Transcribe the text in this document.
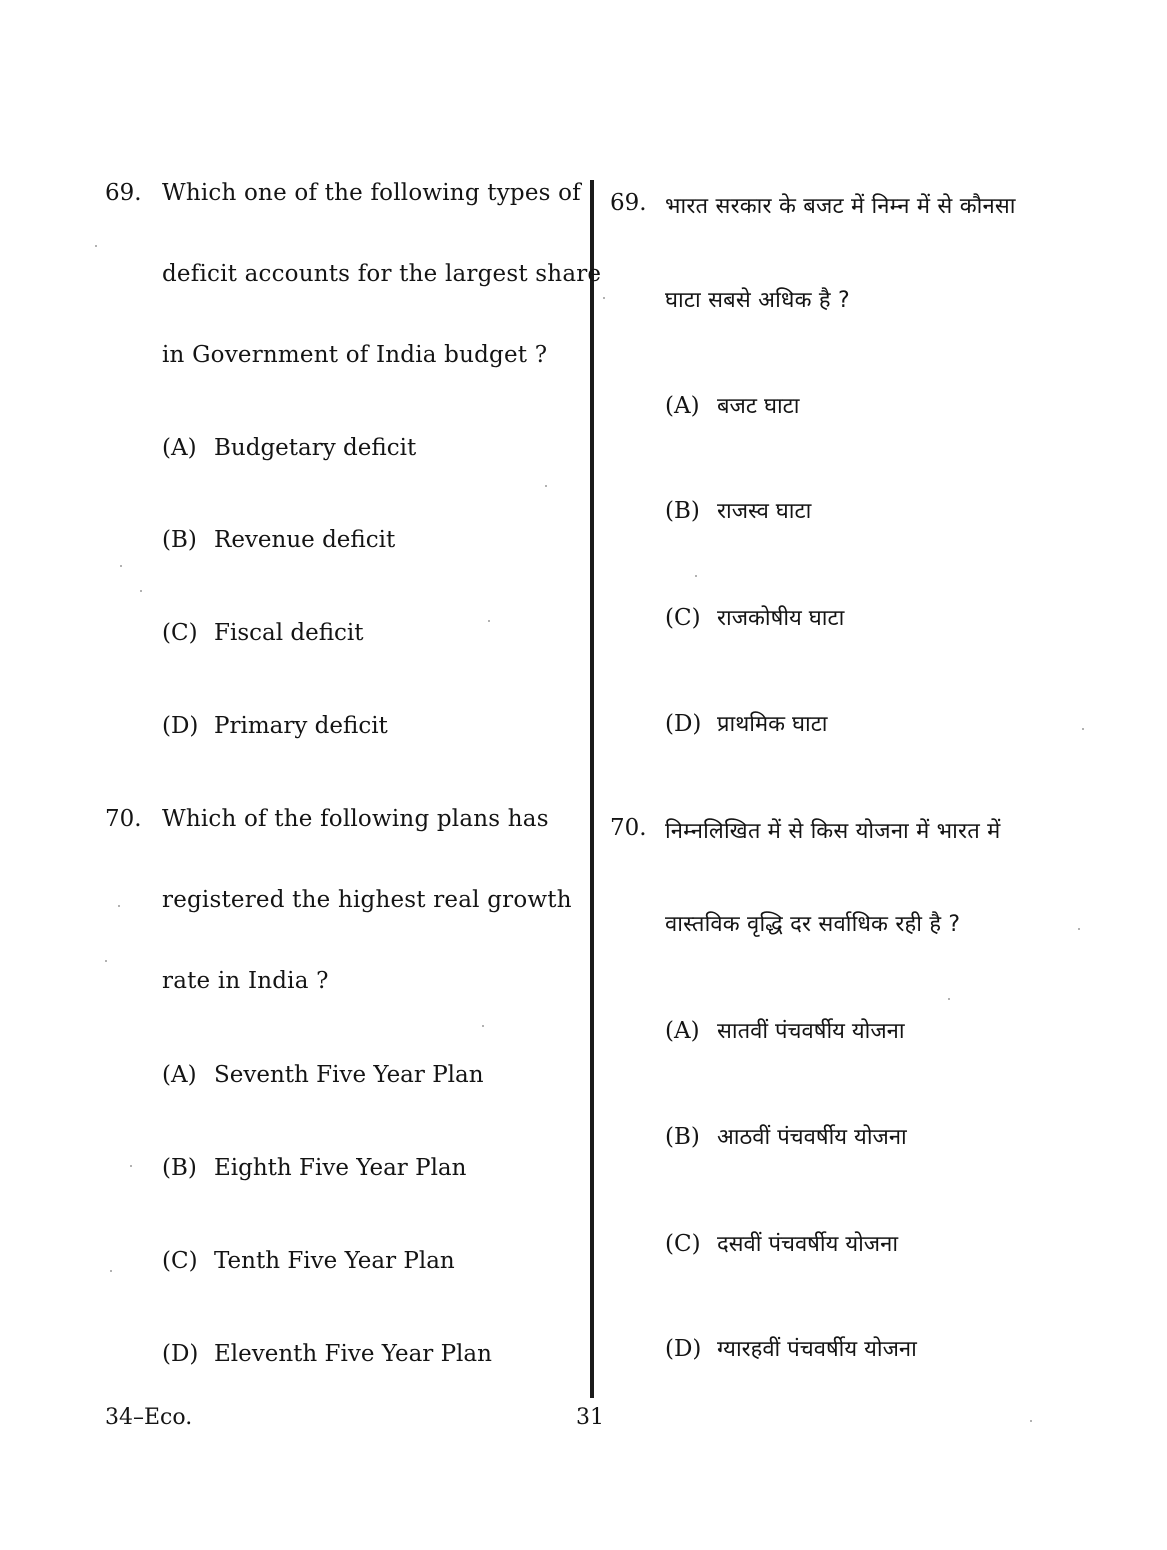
69. Which one of the following types of
deficit accounts for the largest share
in Government of India budget ?
(A) Budgetary deficit
(B) Revenue deficit
(C) Fiscal deficit
(D) Primary deficit
70. Which of the following plans has
registered the highest real growth
rate in India ?
(A) Seventh Five Year Plan
(B) Eighth Five Year Plan
(C) Tenth Five Year Plan
(D) Eleventh Five Year Plan
69. भारत सरकार के बजट में निम्न में से कौनसा
घाटा सबसे अधिक है ?
(A) बजट घाटा
(B) राजस्व घाटा
(C) राजकोषीय घाटा
(D) प्राथमिक घाटा
70. निम्नलिखित में से किस योजना में भारत में
वास्तविक वृद्धि दर सर्वाधिक रही है ?
(A) सातवीं पंचवर्षीय योजना
(B) आठवीं पंचवर्षीय योजना
(C) दसवीं पंचवर्षीय योजना
(D) ग्यारहवीं पंचवर्षीय योजना
34–Eco.	31
